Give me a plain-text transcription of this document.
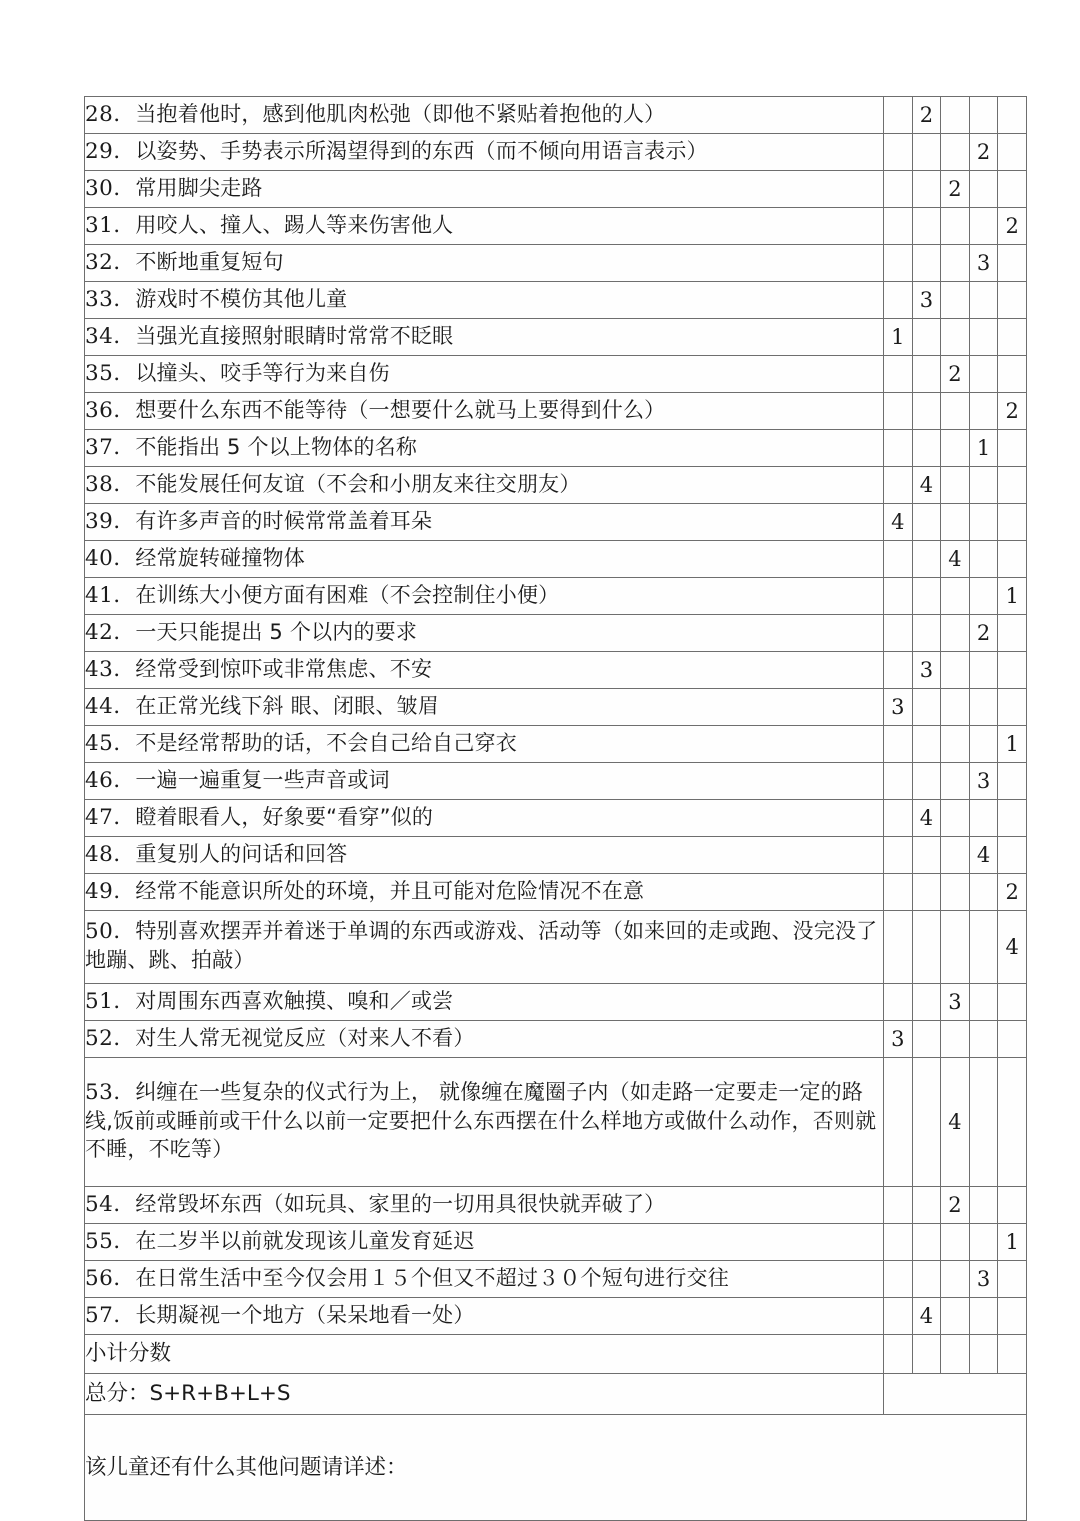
28．当抱着他时，感到他肌肉松弛（即他不紧贴着抱他的人）		2			
29．以姿势、手势表示所渴望得到的东西（而不倾向用语言表示）				2	
30．常用脚尖走路			2		
31．用咬人、撞人、踢人等来伤害他人					2
32．不断地重复短句				3	
33．游戏时不模仿其他儿童		3			
34．当强光直接照射眼睛时常常不眨眼	1				
35．以撞头、咬手等行为来自伤			2		
36．想要什么东西不能等待（一想要什么就马上要得到什么）					2
37．不能指出 5 个以上物体的名称				1	
38．不能发展任何友谊（不会和小朋友来往交朋友）		4			
39．有许多声音的时候常常盖着耳朵	4				
40．经常旋转碰撞物体			4		
41．在训练大小便方面有困难（不会控制住小便）					1
42．一天只能提出 5 个以内的要求				2	
43．经常受到惊吓或非常焦虑、不安		3			
44．在正常光线下斜 眼、闭眼、皱眉	3				
45．不是经常帮助的话，不会自己给自己穿衣					1
46．一遍一遍重复一些声音或词				3	
47．瞪着眼看人，好象要“看穿”似的		4			
48．重复别人的问话和回答				4	
49．经常不能意识所处的环境，并且可能对危险情况不在意					2
50．特别喜欢摆弄并着迷于单调的东西或游戏、活动等（如来回的走或跑、没完没了地蹦、跳、拍敲）					4
51．对周围东西喜欢触摸、嗅和／或尝			3		
52．对生人常无视觉反应（对来人不看）	3				
53．纠缠在一些复杂的仪式行为上， 就像缠在魔圈子内（如走路一定要走一定的路线,饭前或睡前或干什么以前一定要把什么东西摆在什么样地方或做什么动作，否则就不睡，不吃等）			4		
54．经常毁坏东西（如玩具、家里的一切用具很快就弄破了）			2		
55．在二岁半以前就发现该儿童发育延迟					1
56．在日常生活中至今仅会用１５个但又不超过３０个短句进行交往				3	
57．长期凝视一个地方（呆呆地看一处）		4			
小计分数					
总分：S+R+B+L+S					
该儿童还有什么其他问题请详述：					
